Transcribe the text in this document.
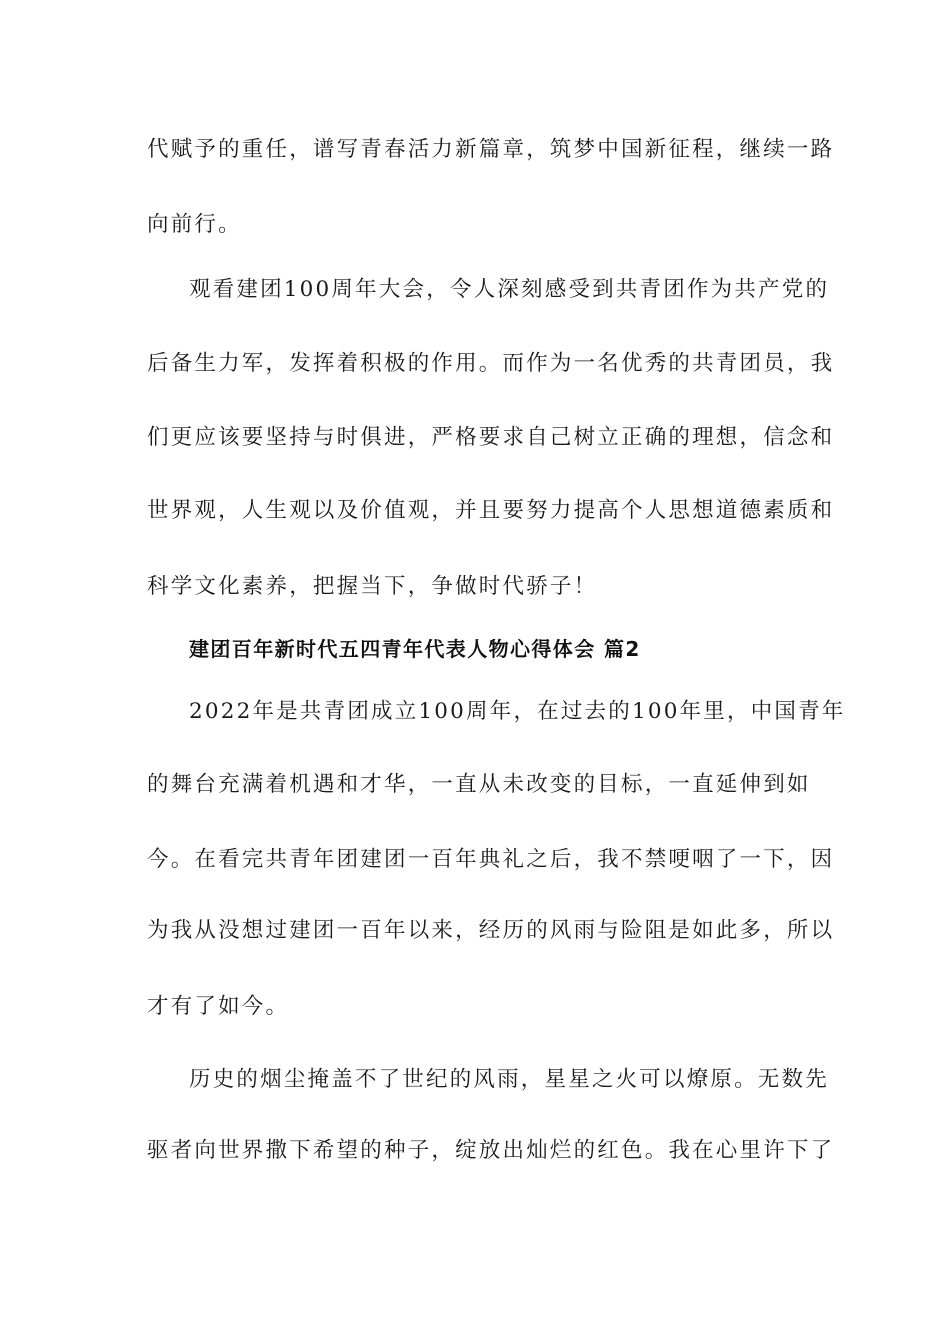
代赋予的重任，谱写青春活力新篇章，筑梦中国新征程，继续一路
向前行。
观看建团100周年大会，令人深刻感受到共青团作为共产党的
后备生力军，发挥着积极的作用。而作为一名优秀的共青团员，我
们更应该要坚持与时俱进，严格要求自己树立正确的理想，信念和
世界观，人生观以及价值观，并且要努力提高个人思想道德素质和
科学文化素养，把握当下，争做时代骄子！
建团百年新时代五四青年代表人物心得体会 篇2
2022年是共青团成立100周年，在过去的100年里，中国青年
的舞台充满着机遇和才华，一直从未改变的目标，一直延伸到如
今。在看完共青年团建团一百年典礼之后，我不禁哽咽了一下，因
为我从没想过建团一百年以来，经历的风雨与险阻是如此多，所以
才有了如今。
历史的烟尘掩盖不了世纪的风雨，星星之火可以燎原。无数先
驱者向世界撒下希望的种子，绽放出灿烂的红色。我在心里许下了
